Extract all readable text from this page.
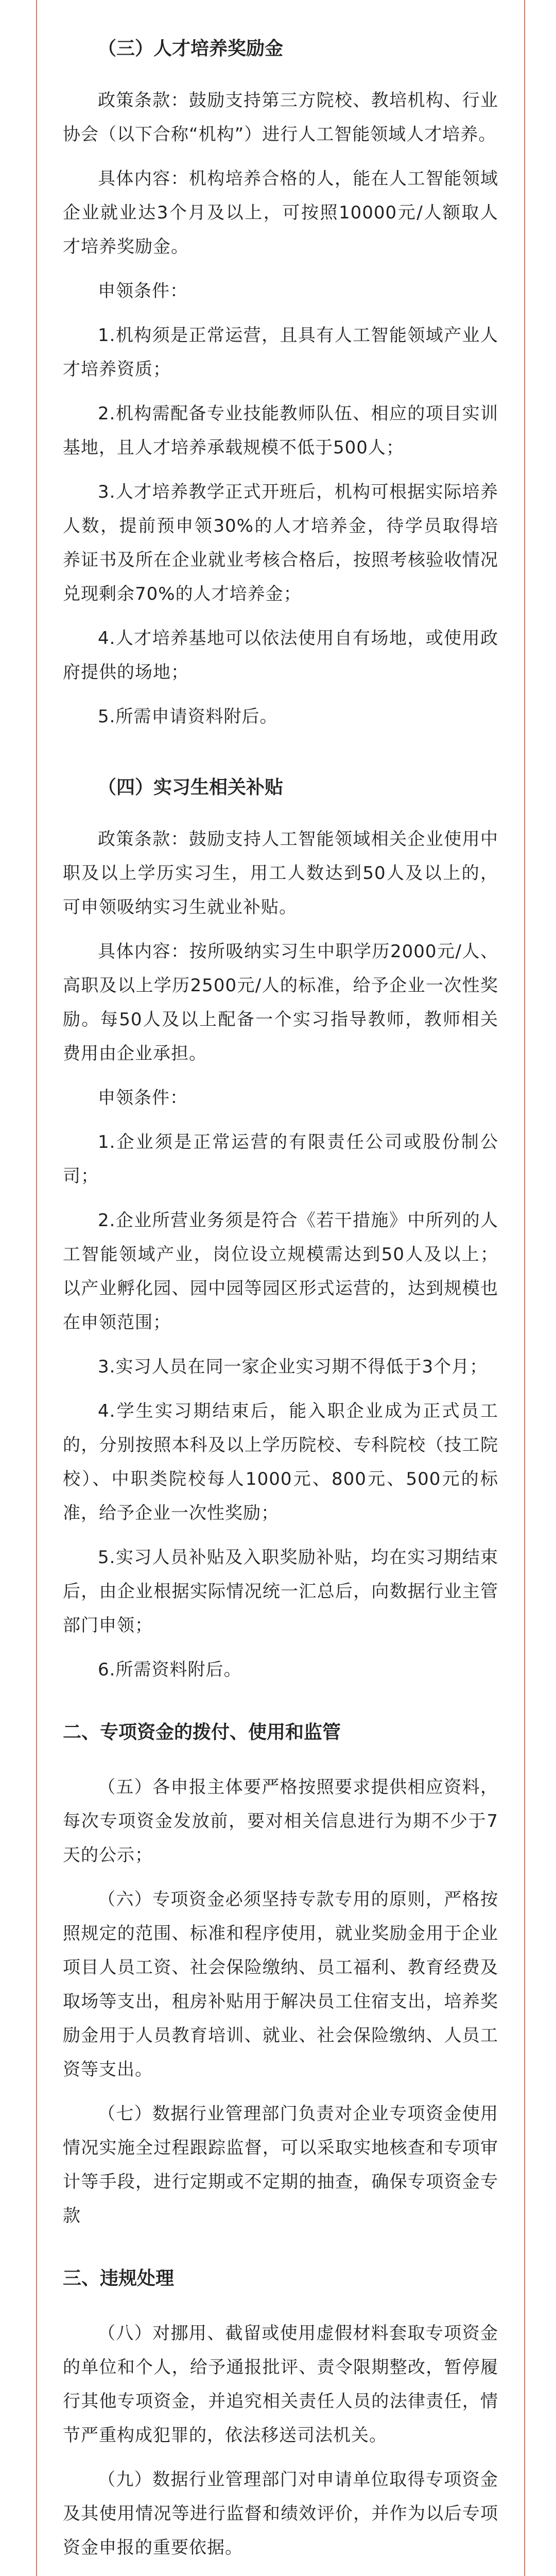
（三）人才培养奖励金

政策条款：鼓励支持第三方院校、教培机构、行业协会（以下合称“机构”）进行人工智能领域人才培养。

具体内容：机构培养合格的人，能在人工智能领域企业就业达3个月及以上，可按照10000元/人额取人才培养奖励金。

申领条件：

1.机构须是正常运营，且具有人工智能领域产业人才培养资质；

2.机构需配备专业技能教师队伍、相应的项目实训基地，且人才培养承载规模不低于500人；

3.人才培养教学正式开班后，机构可根据实际培养人数，提前预申领30%的人才培养金，待学员取得培养证书及所在企业就业考核合格后，按照考核验收情况兑现剩余70%的人才培养金；

4.人才培养基地可以依法使用自有场地，或使用政府提供的场地；

5.所需申请资料附后。

（四）实习生相关补贴

政策条款：鼓励支持人工智能领域相关企业使用中职及以上学历实习生，用工人数达到50人及以上的，可申领吸纳实习生就业补贴。

具体内容：按所吸纳实习生中职学历2000元/人、高职及以上学历2500元/人的标准，给予企业一次性奖励。每50人及以上配备一个实习指导教师，教师相关费用由企业承担。

申领条件：

1.企业须是正常运营的有限责任公司或股份制公司；

2.企业所营业务须是符合《若干措施》中所列的人工智能领域产业，岗位设立规模需达到50人及以上；以产业孵化园、园中园等园区形式运营的，达到规模也在申领范围；

3.实习人员在同一家企业实习期不得低于3个月；

4.学生实习期结束后，能入职企业成为正式员工的，分别按照本科及以上学历院校、专科院校（技工院校）、中职类院校每人1000元、800元、500元的标准，给予企业一次性奖励；

5.实习人员补贴及入职奖励补贴，均在实习期结束后，由企业根据实际情况统一汇总后，向数据行业主管部门申领；

6.所需资料附后。

二、专项资金的拨付、使用和监管

（五）各申报主体要严格按照要求提供相应资料，每次专项资金发放前，要对相关信息进行为期不少于7天的公示；

（六）专项资金必须坚持专款专用的原则，严格按照规定的范围、标准和程序使用，就业奖励金用于企业项目人员工资、社会保险缴纳、员工福利、教育经费及取场等支出，租房补贴用于解决员工住宿支出，培养奖励金用于人员教育培训、就业、社会保险缴纳、人员工资等支出。

（七）数据行业管理部门负责对企业专项资金使用情况实施全过程跟踪监督，可以采取实地核查和专项审计等手段，进行定期或不定期的抽查，确保专项资金专款

三、违规处理

（八）对挪用、截留或使用虚假材料套取专项资金的单位和个人，给予通报批评、责令限期整改，暂停履行其他专项资金，并追究相关责任人员的法律责任，情节严重构成犯罪的，依法移送司法机关。

（九）数据行业管理部门对申请单位取得专项资金及其使用情况等进行监督和绩效评价，并作为以后专项资金申报的重要依据。
